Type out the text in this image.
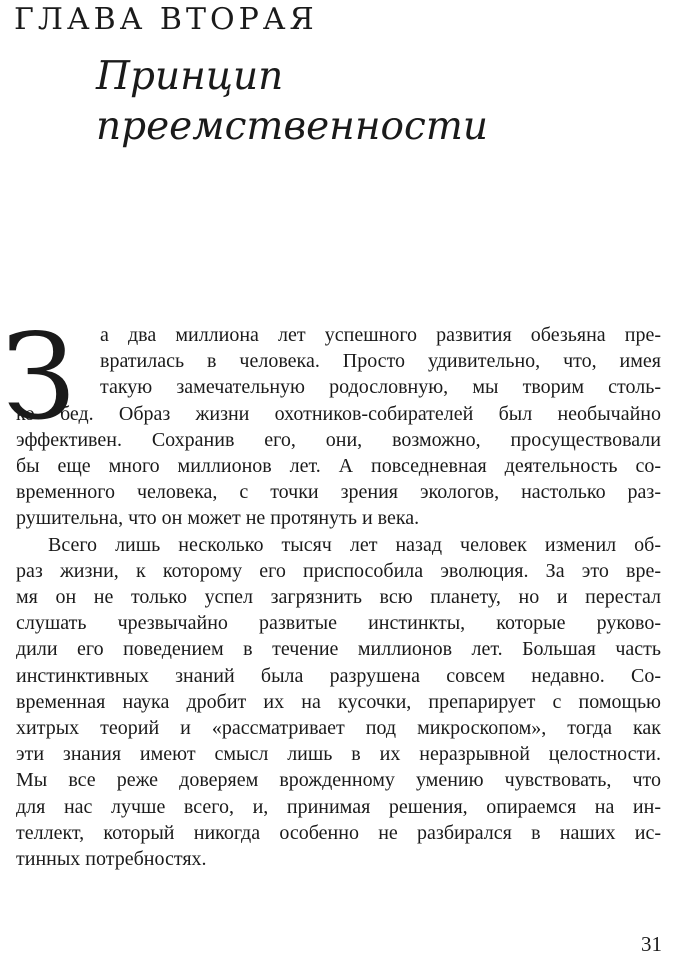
ГЛАВА ВТОРАЯ
Принцип
преемственности
З а два миллиона лет успешного развития обезьяна пре-
вратилась в человека. Просто удивительно, что, имея
такую замечательную родословную, мы творим столь-
ко бед. Образ жизни охотников-собирателей был необычайно
эффективен. Сохранив его, они, возможно, просуществовали
бы еще много миллионов лет. А повседневная деятельность со-
временного человека, с точки зрения экологов, настолько раз-
рушительна, что он может не протянуть и века.
Всего лишь несколько тысяч лет назад человек изменил об-
раз жизни, к которому его приспособила эволюция. За это вре-
мя он не только успел загрязнить всю планету, но и перестал
слушать чрезвычайно развитые инстинкты, которые руково-
дили его поведением в течение миллионов лет. Большая часть
инстинктивных знаний была разрушена совсем недавно. Со-
временная наука дробит их на кусочки, препарирует с помощью
хитрых теорий и «рассматривает под микроскопом», тогда как
эти знания имеют смысл лишь в их неразрывной целостности.
Мы все реже доверяем врожденному умению чувствовать, что
для нас лучше всего, и, принимая решения, опираемся на ин-
теллект, который никогда особенно не разбирался в наших ис-
тинных потребностях.
31
